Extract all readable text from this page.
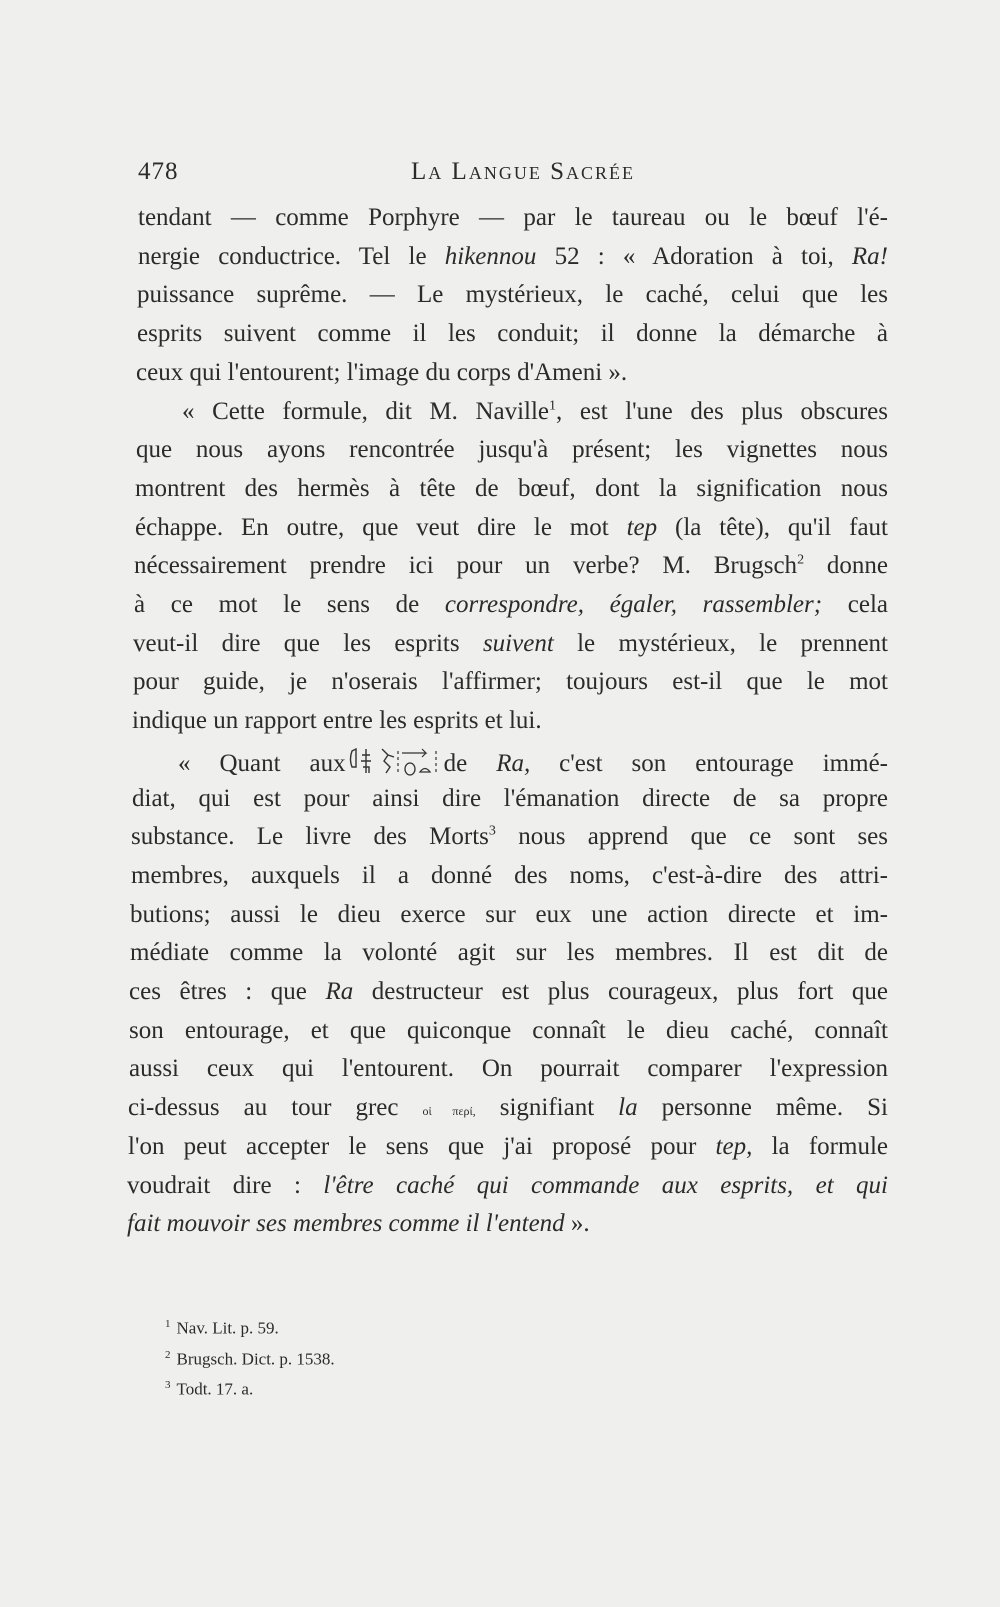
478	La Langue Sacrée
tendant — comme Porphyre — par le taureau ou le bœuf l'é-
nergie conductrice. Tel le hikennou 52 : « Adoration à toi, Ra!
puissance suprême. — Le mystérieux, le caché, celui que les
esprits suivent comme il les conduit; il donne la démarche à
ceux qui l'entourent; l'image du corps d'Ameni ».
« Cette formule, dit M. Naville$^1$, est l'une des plus obscures
que nous ayons rencontrée jusqu'à présent; les vignettes nous
montrent des hermès à tête de bœuf, dont la signification nous
échappe. En outre, que veut dire le mot tep (la tête), qu'il faut
nécessairement prendre ici pour un verbe? M. Brugsch$^2$ donne
à ce mot le sens de correspondre, égaler, rassembler; cela
veut-il dire que les esprits suivent le mystérieux, le prennent
pour guide, je n'oserais l'affirmer; toujours est-il que le mot
indique un rapport entre les esprits et lui.
« Quant aux	de Ra, c'est son entourage immé-
diat, qui est pour ainsi dire l'émanation directe de sa propre
substance. Le livre des Morts$^3$ nous apprend que ce sont ses
membres, auxquels il a donné des noms, c'est-à-dire des attri-
butions; aussi le dieu exerce sur eux une action directe et im-
médiate comme la volonté agit sur les membres. Il est dit de
ces êtres : que Ra destructeur est plus courageux, plus fort que
son entourage, et que quiconque connaît le dieu caché, connaît
aussi ceux qui l'entourent. On pourrait comparer l'expression
ci-dessus au tour grec οἱ περί, signifiant la personne même. Si
l'on peut accepter le sens que j'ai proposé pour tep, la formule
voudrait dire : l'être caché qui commande aux esprits, et qui
fait mouvoir ses membres comme il l'entend ».
$^1$ Nav. Lit. p. 59.
$^2$ Brugsch. Dict. p. 1538.
$^3$ Todt. 17. a.
